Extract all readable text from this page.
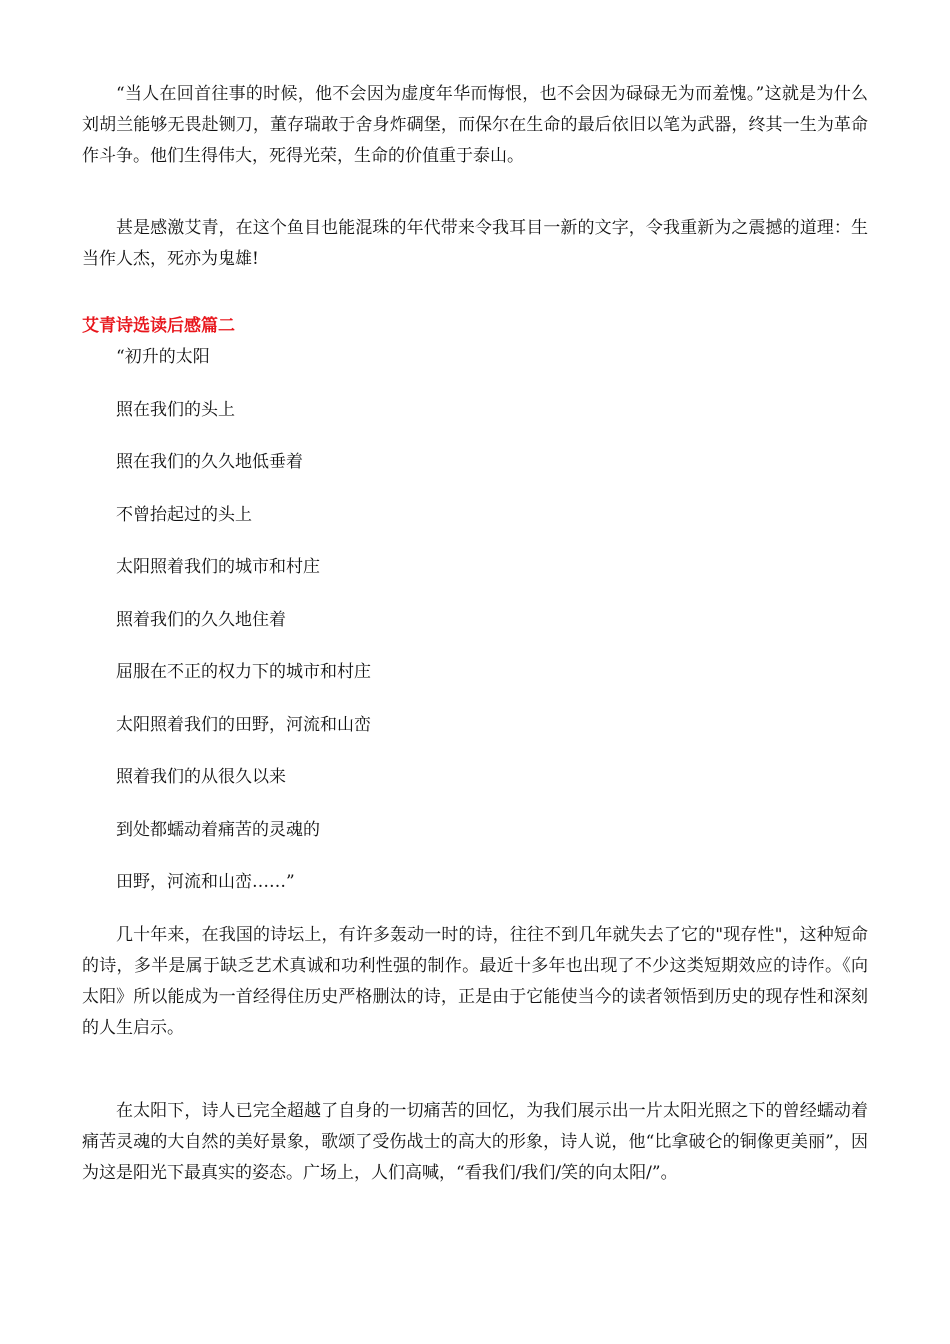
“当人在回首往事的时候，他不会因为虚度年华而悔恨，也不会因为碌碌无为而羞愧。”这就是为什么刘胡兰能够无畏赴铡刀，董存瑞敢于舍身炸碉堡，而保尔在生命的最后依旧以笔为武器，终其一生为革命作斗争。他们生得伟大，死得光荣，生命的价值重于泰山。

甚是感激艾青，在这个鱼目也能混珠的年代带来令我耳目一新的文字，令我重新为之震撼的道理：生当作人杰，死亦为鬼雄!

艾青诗选读后感篇二
“初升的太阳
照在我们的头上
照在我们的久久地低垂着
不曾抬起过的头上
太阳照着我们的城市和村庄
照着我们的久久地住着
屈服在不正的权力下的城市和村庄
太阳照着我们的田野，河流和山峦
照着我们的从很久以来
到处都蠕动着痛苦的灵魂的
田野，河流和山峦……”

几十年来，在我国的诗坛上，有许多轰动一时的诗，往往不到几年就失去了它的"现存性"，这种短命的诗，多半是属于缺乏艺术真诚和功利性强的制作。最近十多年也出现了不少这类短期效应的诗作。《向太阳》所以能成为一首经得住历史严格删汰的诗，正是由于它能使当今的读者领悟到历史的现存性和深刻的人生启示。

在太阳下，诗人已完全超越了自身的一切痛苦的回忆，为我们展示出一片太阳光照之下的曾经蠕动着痛苦灵魂的大自然的美好景象，歌颂了受伤战士的高大的形象，诗人说，他“比拿破仑的铜像更美丽”，因为这是阳光下最真实的姿态。广场上，人们高喊，“看我们/我们/笑的向太阳/”。
